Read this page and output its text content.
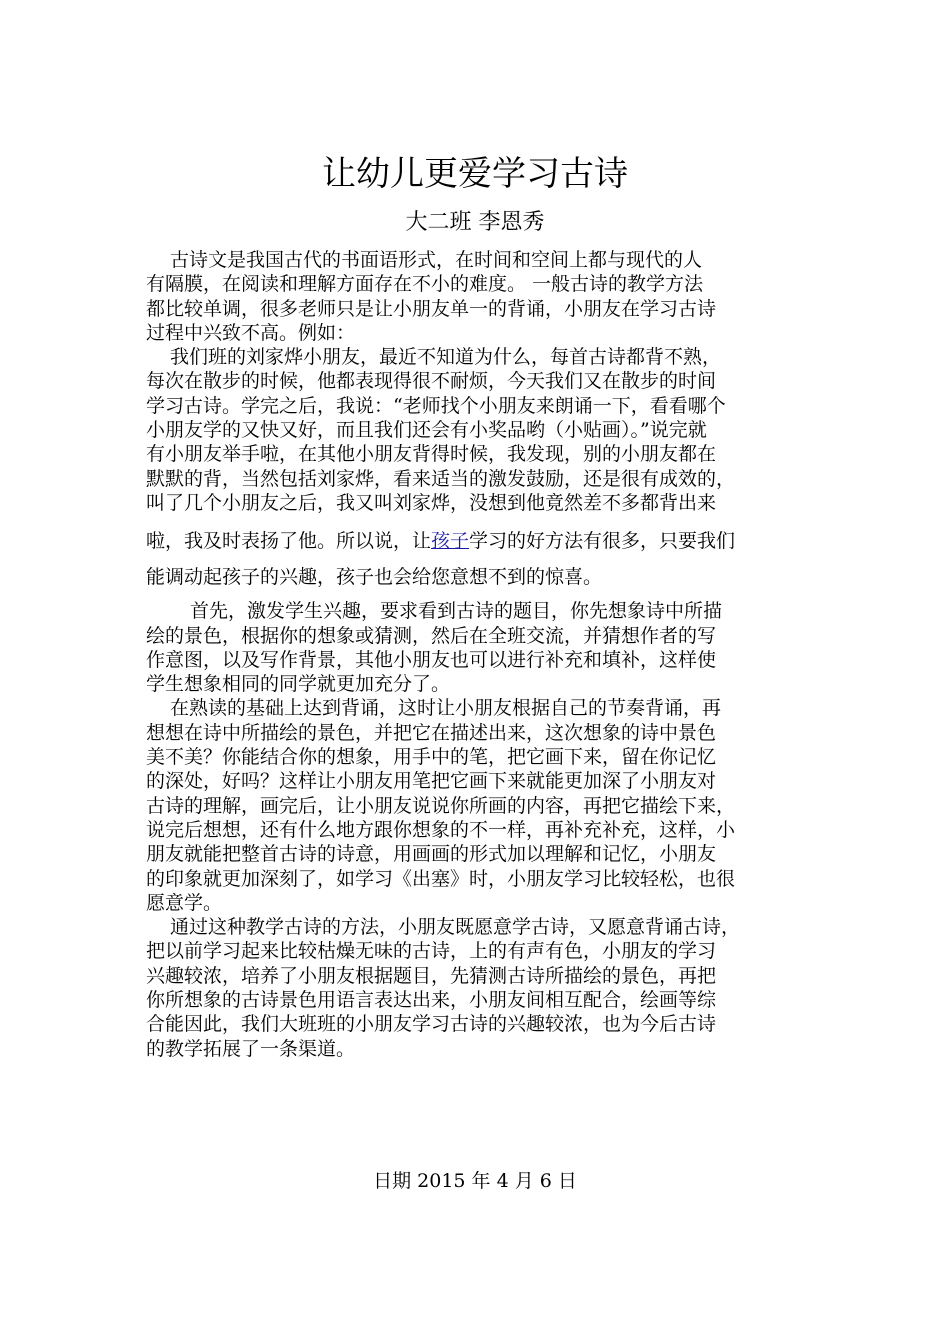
让幼儿更爱学习古诗
大二班 李恩秀

古诗文是我国古代的书面语形式，在时间和空间上都与现代的人
有隔膜，在阅读和理解方面存在不小的难度。 一般古诗的教学方法
都比较单调，很多老师只是让小朋友单一的背诵，小朋友在学习古诗
过程中兴致不高。例如：

我们班的刘家烨小朋友，最近不知道为什么，每首古诗都背不熟，
每次在散步的时候，他都表现得很不耐烦，今天我们又在散步的时间
学习古诗。学完之后，我说：“老师找个小朋友来朗诵一下，看看哪个
小朋友学的又快又好，而且我们还会有小奖品哟（小贴画）。”说完就
有小朋友举手啦，在其他小朋友背得时候，我发现，别的小朋友都在
默默的背，当然包括刘家烨，看来适当的激发鼓励，还是很有成效的，
叫了几个小朋友之后，我又叫刘家烨，没想到他竟然差不多都背出来
啦，我及时表扬了他。所以说，让孩子学习的好方法有很多，只要我们
能调动起孩子的兴趣，孩子也会给您意想不到的惊喜。

首先，激发学生兴趣，要求看到古诗的题目，你先想象诗中所描
绘的景色，根据你的想象或猜测，然后在全班交流，并猜想作者的写
作意图，以及写作背景，其他小朋友也可以进行补充和填补，这样使
学生想象相同的同学就更加充分了。

在熟读的基础上达到背诵，这时让小朋友根据自己的节奏背诵，再
想想在诗中所描绘的景色，并把它在描述出来，这次想象的诗中景色
美不美？你能结合你的想象，用手中的笔，把它画下来，留在你记忆
的深处，好吗？这样让小朋友用笔把它画下来就能更加深了小朋友对
古诗的理解，画完后，让小朋友说说你所画的内容，再把它描绘下来，
说完后想想，还有什么地方跟你想象的不一样，再补充补充，这样，小
朋友就能把整首古诗的诗意，用画画的形式加以理解和记忆，小朋友
的印象就更加深刻了，如学习《出塞》时，小朋友学习比较轻松，也很
愿意学。

通过这种教学古诗的方法，小朋友既愿意学古诗，又愿意背诵古诗，
把以前学习起来比较枯燥无味的古诗，上的有声有色，小朋友的学习
兴趣较浓，培养了小朋友根据题目，先猜测古诗所描绘的景色，再把
你所想象的古诗景色用语言表达出来，小朋友间相互配合，绘画等综
合能因此，我们大班班的小朋友学习古诗的兴趣较浓，也为今后古诗
的教学拓展了一条渠道。

日期 2015 年 4 月 6 日
